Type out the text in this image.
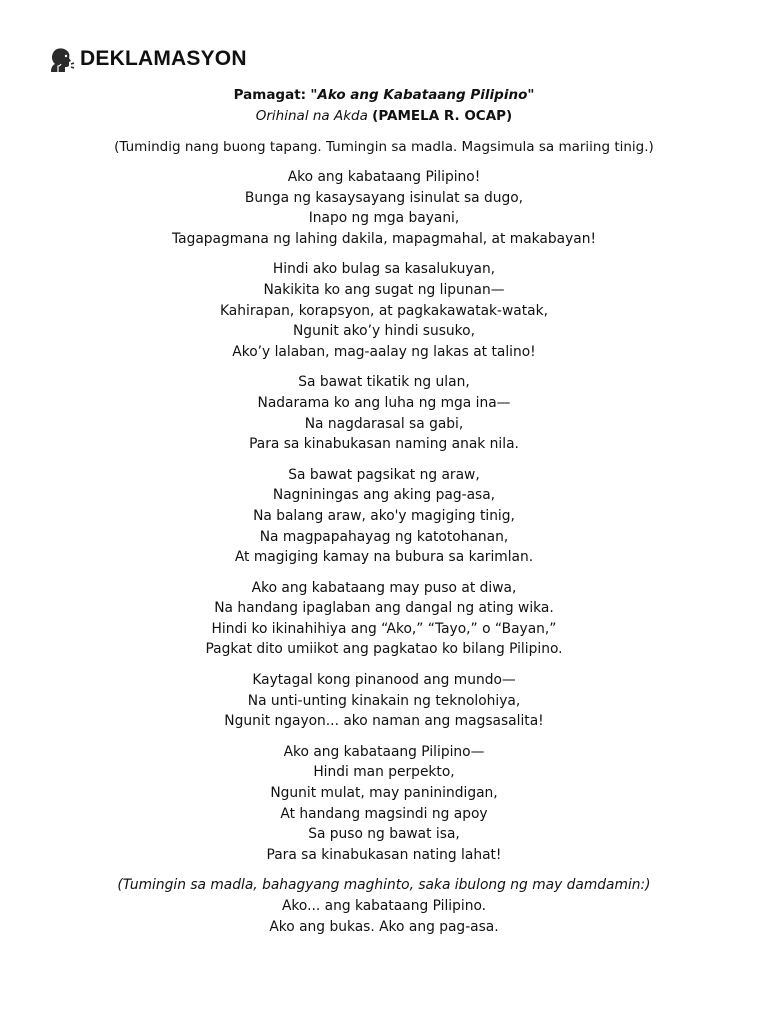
DEKLAMASYON
Pamagat: "Ako ang Kabataang Pilipino"
Orihinal na Akda (PAMELA R. OCAP)
(Tumindig nang buong tapang. Tumingin sa madla. Magsimula sa mariing tinig.)
Ako ang kabataang Pilipino!
Bunga ng kasaysayang isinulat sa dugo,
Inapo ng mga bayani,
Tagapagmana ng lahing dakila, mapagmahal, at makabayan!
Hindi ako bulag sa kasalukuyan,
Nakikita ko ang sugat ng lipunan—
Kahirapan, korapsyon, at pagkakawatak-watak,
Ngunit ako’y hindi susuko,
Ako’y lalaban, mag-aalay ng lakas at talino!
Sa bawat tikatik ng ulan,
Nadarama ko ang luha ng mga ina—
Na nagdarasal sa gabi,
Para sa kinabukasan naming anak nila.
Sa bawat pagsikat ng araw,
Nagniningas ang aking pag-asa,
Na balang araw, ako'y magiging tinig,
Na magpapahayag ng katotohanan,
At magiging kamay na bubura sa karimlan.
Ako ang kabataang may puso at diwa,
Na handang ipaglaban ang dangal ng ating wika.
Hindi ko ikinahihiya ang “Ako,” “Tayo,” o “Bayan,”
Pagkat dito umiikot ang pagkatao ko bilang Pilipino.
Kaytagal kong pinanood ang mundo—
Na unti-unting kinakain ng teknolohiya,
Ngunit ngayon... ako naman ang magsasalita!
Ako ang kabataang Pilipino—
Hindi man perpekto,
Ngunit mulat, may paninindigan,
At handang magsindi ng apoy
Sa puso ng bawat isa,
Para sa kinabukasan nating lahat!
(Tumingin sa madla, bahagyang maghinto, saka ibulong ng may damdamin:)
Ako... ang kabataang Pilipino.
Ako ang bukas. Ako ang pag-asa.
